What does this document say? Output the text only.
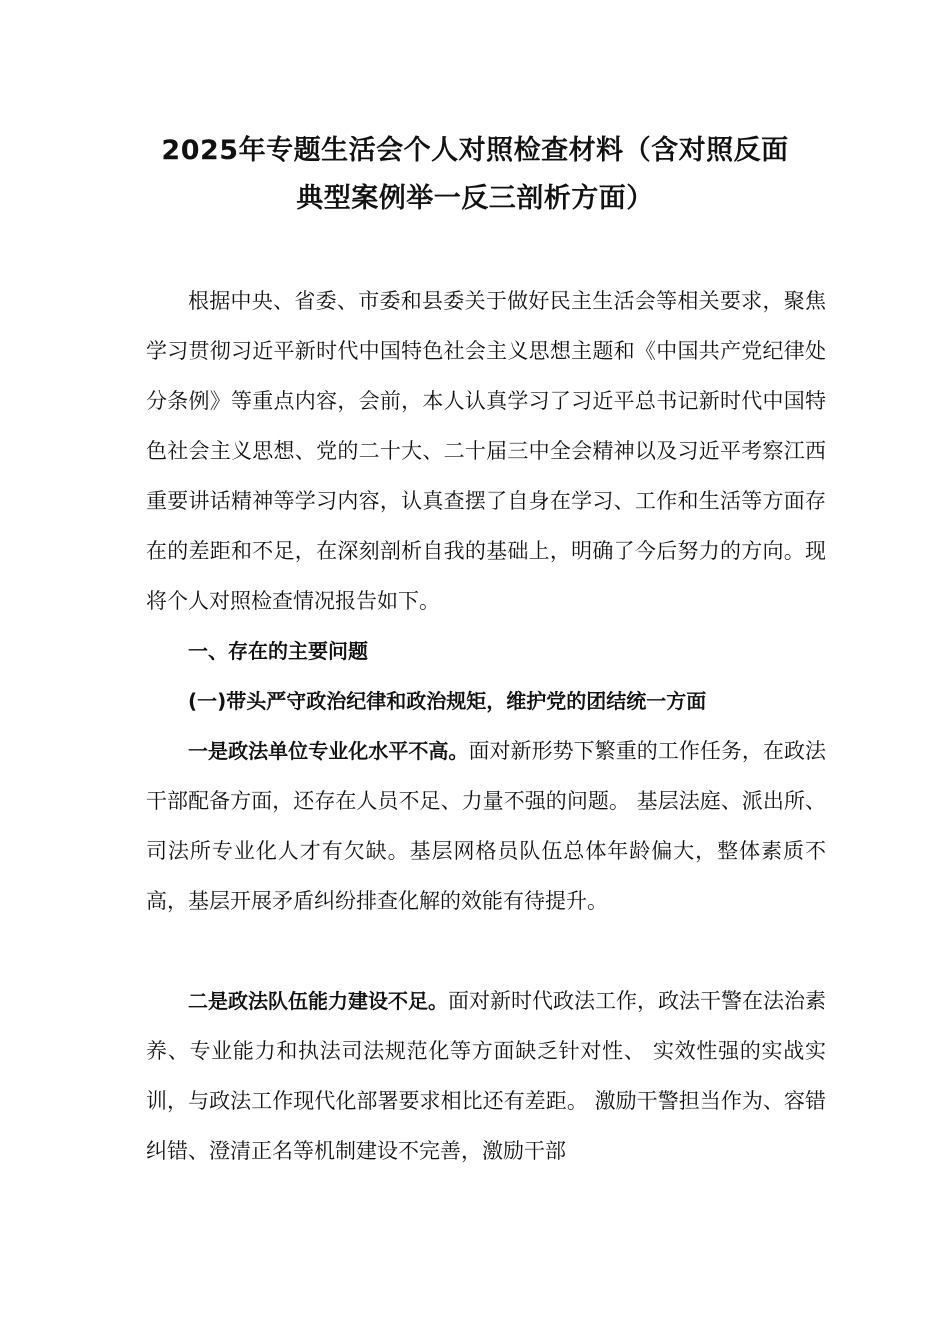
2025年专题生活会个人对照检查材料（含对照反面
典型案例举一反三剖析方面）

根据中央、省委、市委和县委关于做好民主生活会等相关要求，聚焦学习贯彻习近平新时代中国特色社会主义思想主题和《中国共产党纪律处分条例》等重点内容，会前，本人认真学习了习近平总书记新时代中国特色社会主义思想、党的二十大、二十届三中全会精神以及习近平考察江西重要讲话精神等学习内容，认真查摆了自身在学习、工作和生活等方面存在的差距和不足，在深刻剖析自我的基础上，明确了今后努力的方向。现将个人对照检查情况报告如下。

一、存在的主要问题

(一)带头严守政治纪律和政治规矩，维护党的团结统一方面

一是政法单位专业化水平不高。面对新形势下繁重的工作任务，在政法干部配备方面，还存在人员不足、力量不强的问题。 基层法庭、派出所、司法所专业化人才有欠缺。基层网格员队伍总体年龄偏大，整体素质不高，基层开展矛盾纠纷排查化解的效能有待提升。

二是政法队伍能力建设不足。面对新时代政法工作，政法干警在法治素养、专业能力和执法司法规范化等方面缺乏针对性、 实效性强的实战实训，与政法工作现代化部署要求相比还有差距。 激励干警担当作为、容错纠错、澄清正名等机制建设不完善，激励干部
